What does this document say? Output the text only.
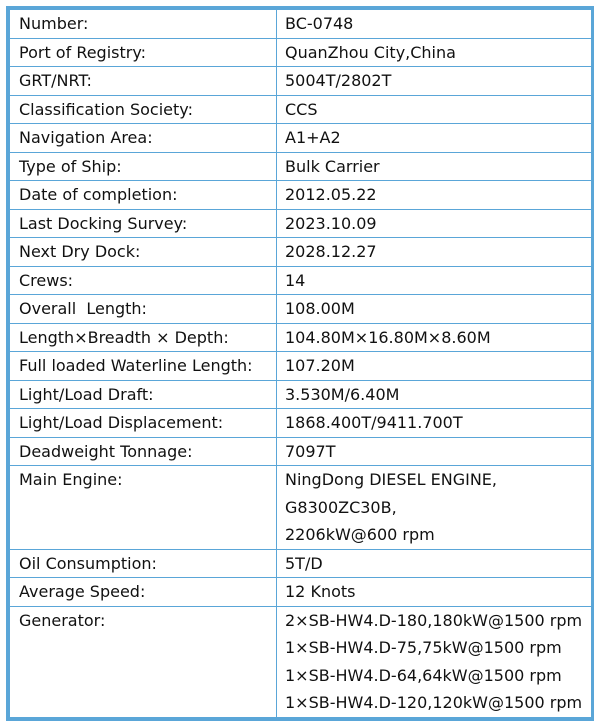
Number:	BC-0748

Port of Registry:	QuanZhou City,China

GRT/NRT:	5004T/2802T

Classification Society:	CCS

Navigation Area:	A1+A2

Type of Ship:	Bulk Carrier

Date of completion:	2012.05.22

Last Docking Survey:	2023.10.09

Next Dry Dock:	2028.12.27

Crews:	14

Overall  Length:	108.00M

Length×Breadth × Depth:	104.80M×16.80M×8.60M

Full loaded Waterline Length:	107.20M

Light/Load Draft:	3.530M/6.40M

Light/Load Displacement:	1868.400T/9411.700T

Deadweight Tonnage:	7097T

Main Engine:	NingDong DIESEL ENGINE,
G8300ZC30B,
2206kW@600 rpm

Oil Consumption:	5T/D

Average Speed:	12 Knots

Generator:	2×SB-HW4.D-180,180kW@1500 rpm
1×SB-HW4.D-75,75kW@1500 rpm
1×SB-HW4.D-64,64kW@1500 rpm
1×SB-HW4.D-120,120kW@1500 rpm
